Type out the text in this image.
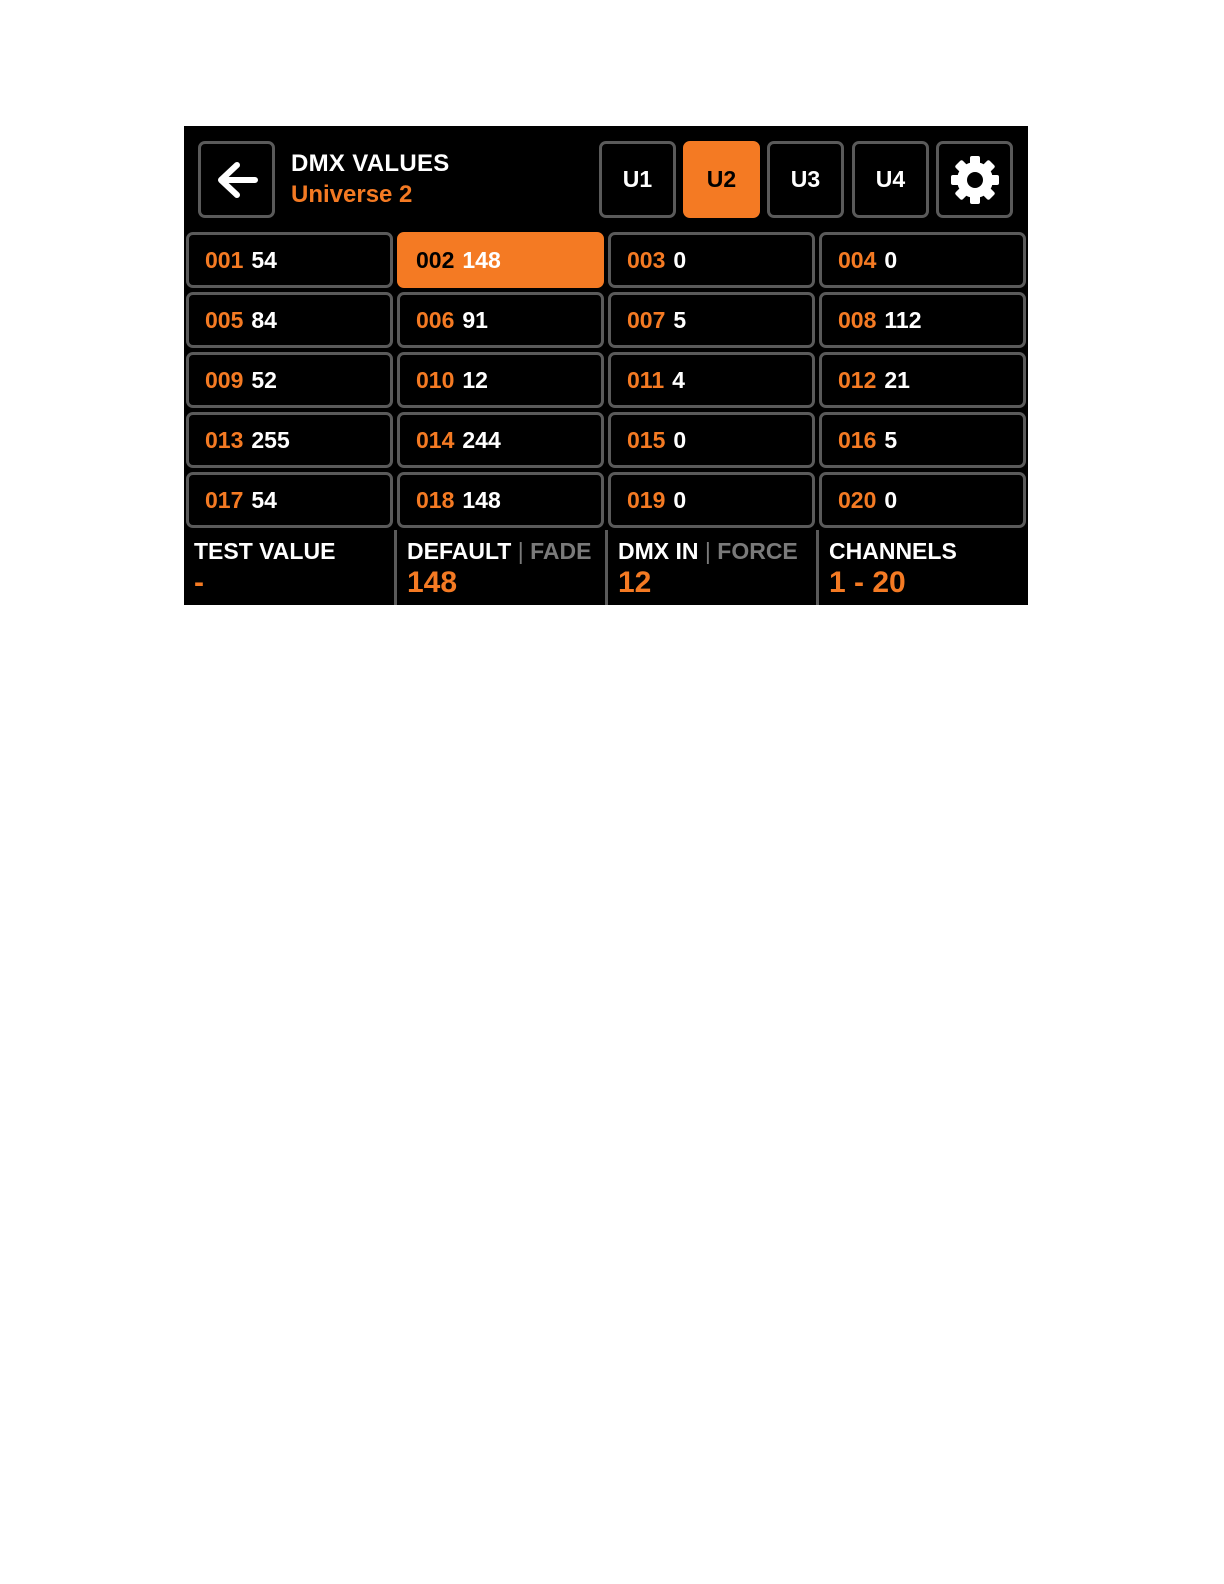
DMX VALUES
Universe 2
U1 U2 U3 U4
001 54	002 148	003 0	004 0
005 84	006 91	007 5	008 112
009 52	010 12	011 4	012 21
013 255	014 244	015 0	016 5
017 54	018 148	019 0	020 0
TEST VALUE
-
DEFAULT | FADE
148
DMX IN | FORCE
12
CHANNELS
1 - 20
